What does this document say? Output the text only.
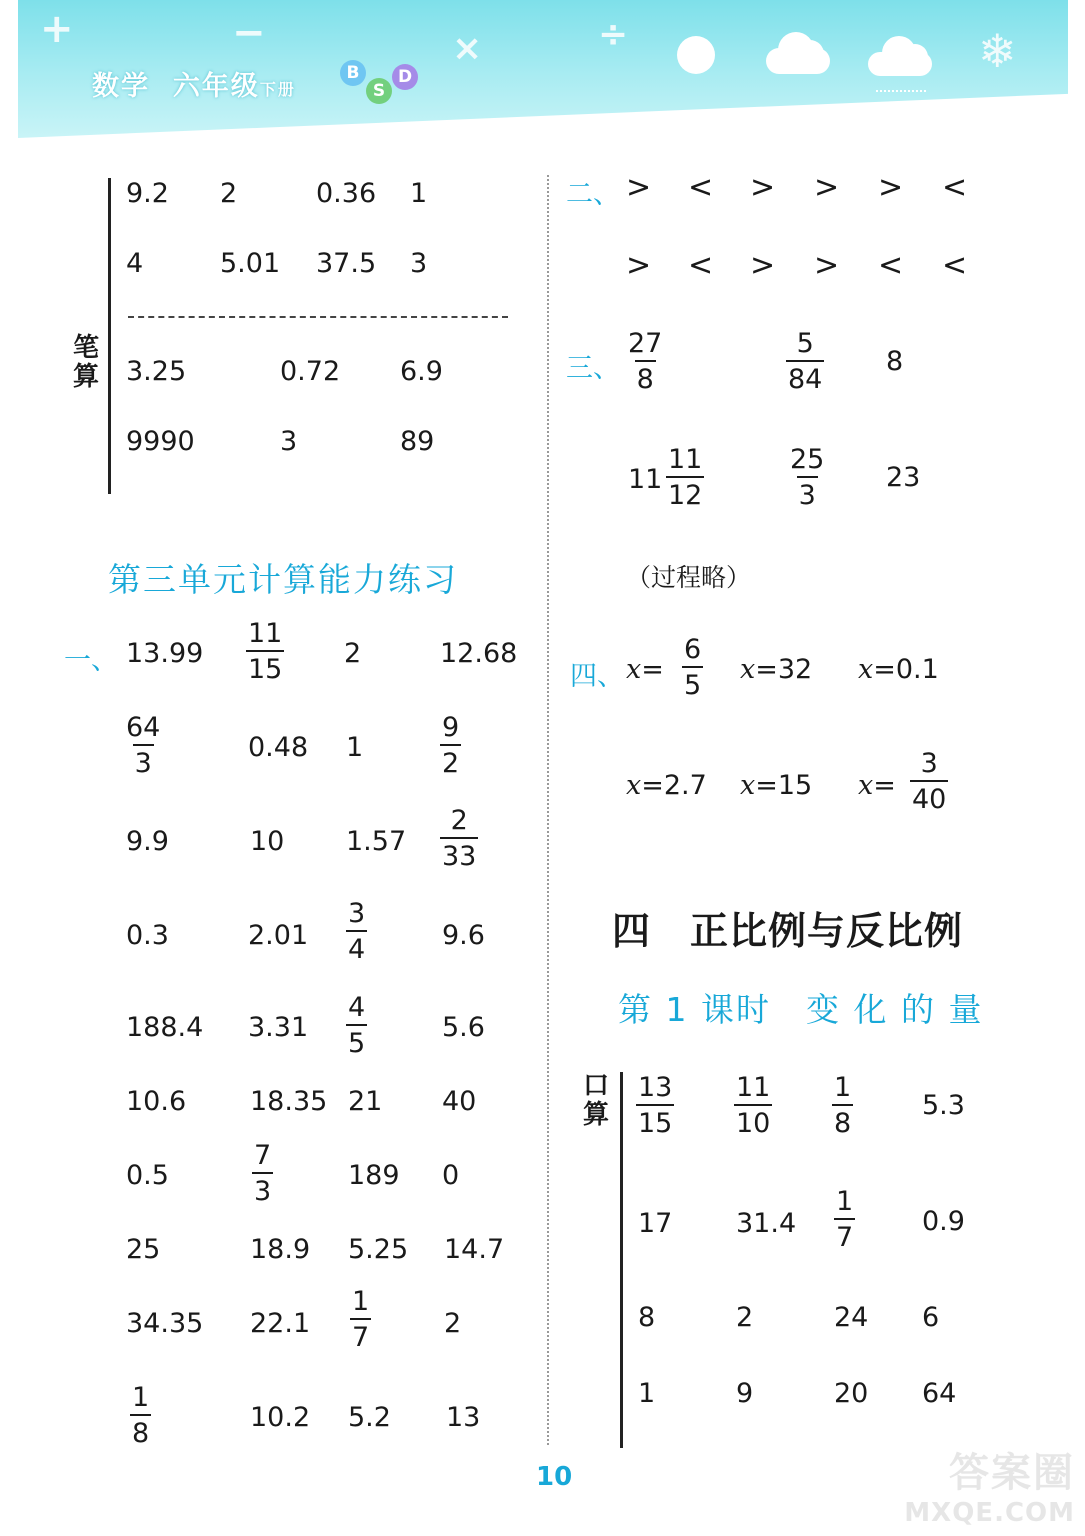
+	−	×	÷	❄
数学 六年级下册
B
S
D
笔
算
9.2 2	0.36 1
4	5.01 37.5 3
3.25	0.72 6.9
9990	3	89
第三单元计算能力练习
一、 $13.99 \frac{11}{15} 2$	12.68
$\frac{64}{3}$	0.48 1	$\frac{9}{2}$
9.9	10 $1.57 \frac{2}{33}$
0.3	$2.01 \frac{3}{4}$	9.6
188.4 $3.31 \frac{4}{5}$	5.6
10.6 18.35 21 40
0.5	$\frac{7}{3}$	189 0
25	18.9 5.25 14.7
34.35 $22.1 \frac{1}{7}$	2
$\frac{1}{8}$	10.2 5.2 13
二、 > < > > > <
> < > > < <
三、 $\frac{27}{8}$	$\frac{5}{84} 8$
$11 \frac{11}{12}$	$\frac{25}{3} 23$
（过程略）
四、 $x= \frac{6}{5} x=32$ x=0.1
x=2.7 x=15 $x= \frac{3}{40}$
四　正比例与反比例
第 1 课时　变 化 的 量
口
算 $\frac{13}{15} \frac{11}{10} \frac{1}{8}$	5.3
17 $31.4 \frac{1}{7} 0.9$
8	2	24 6
1	9	20 64
10	答案圈
MXQE.COM
